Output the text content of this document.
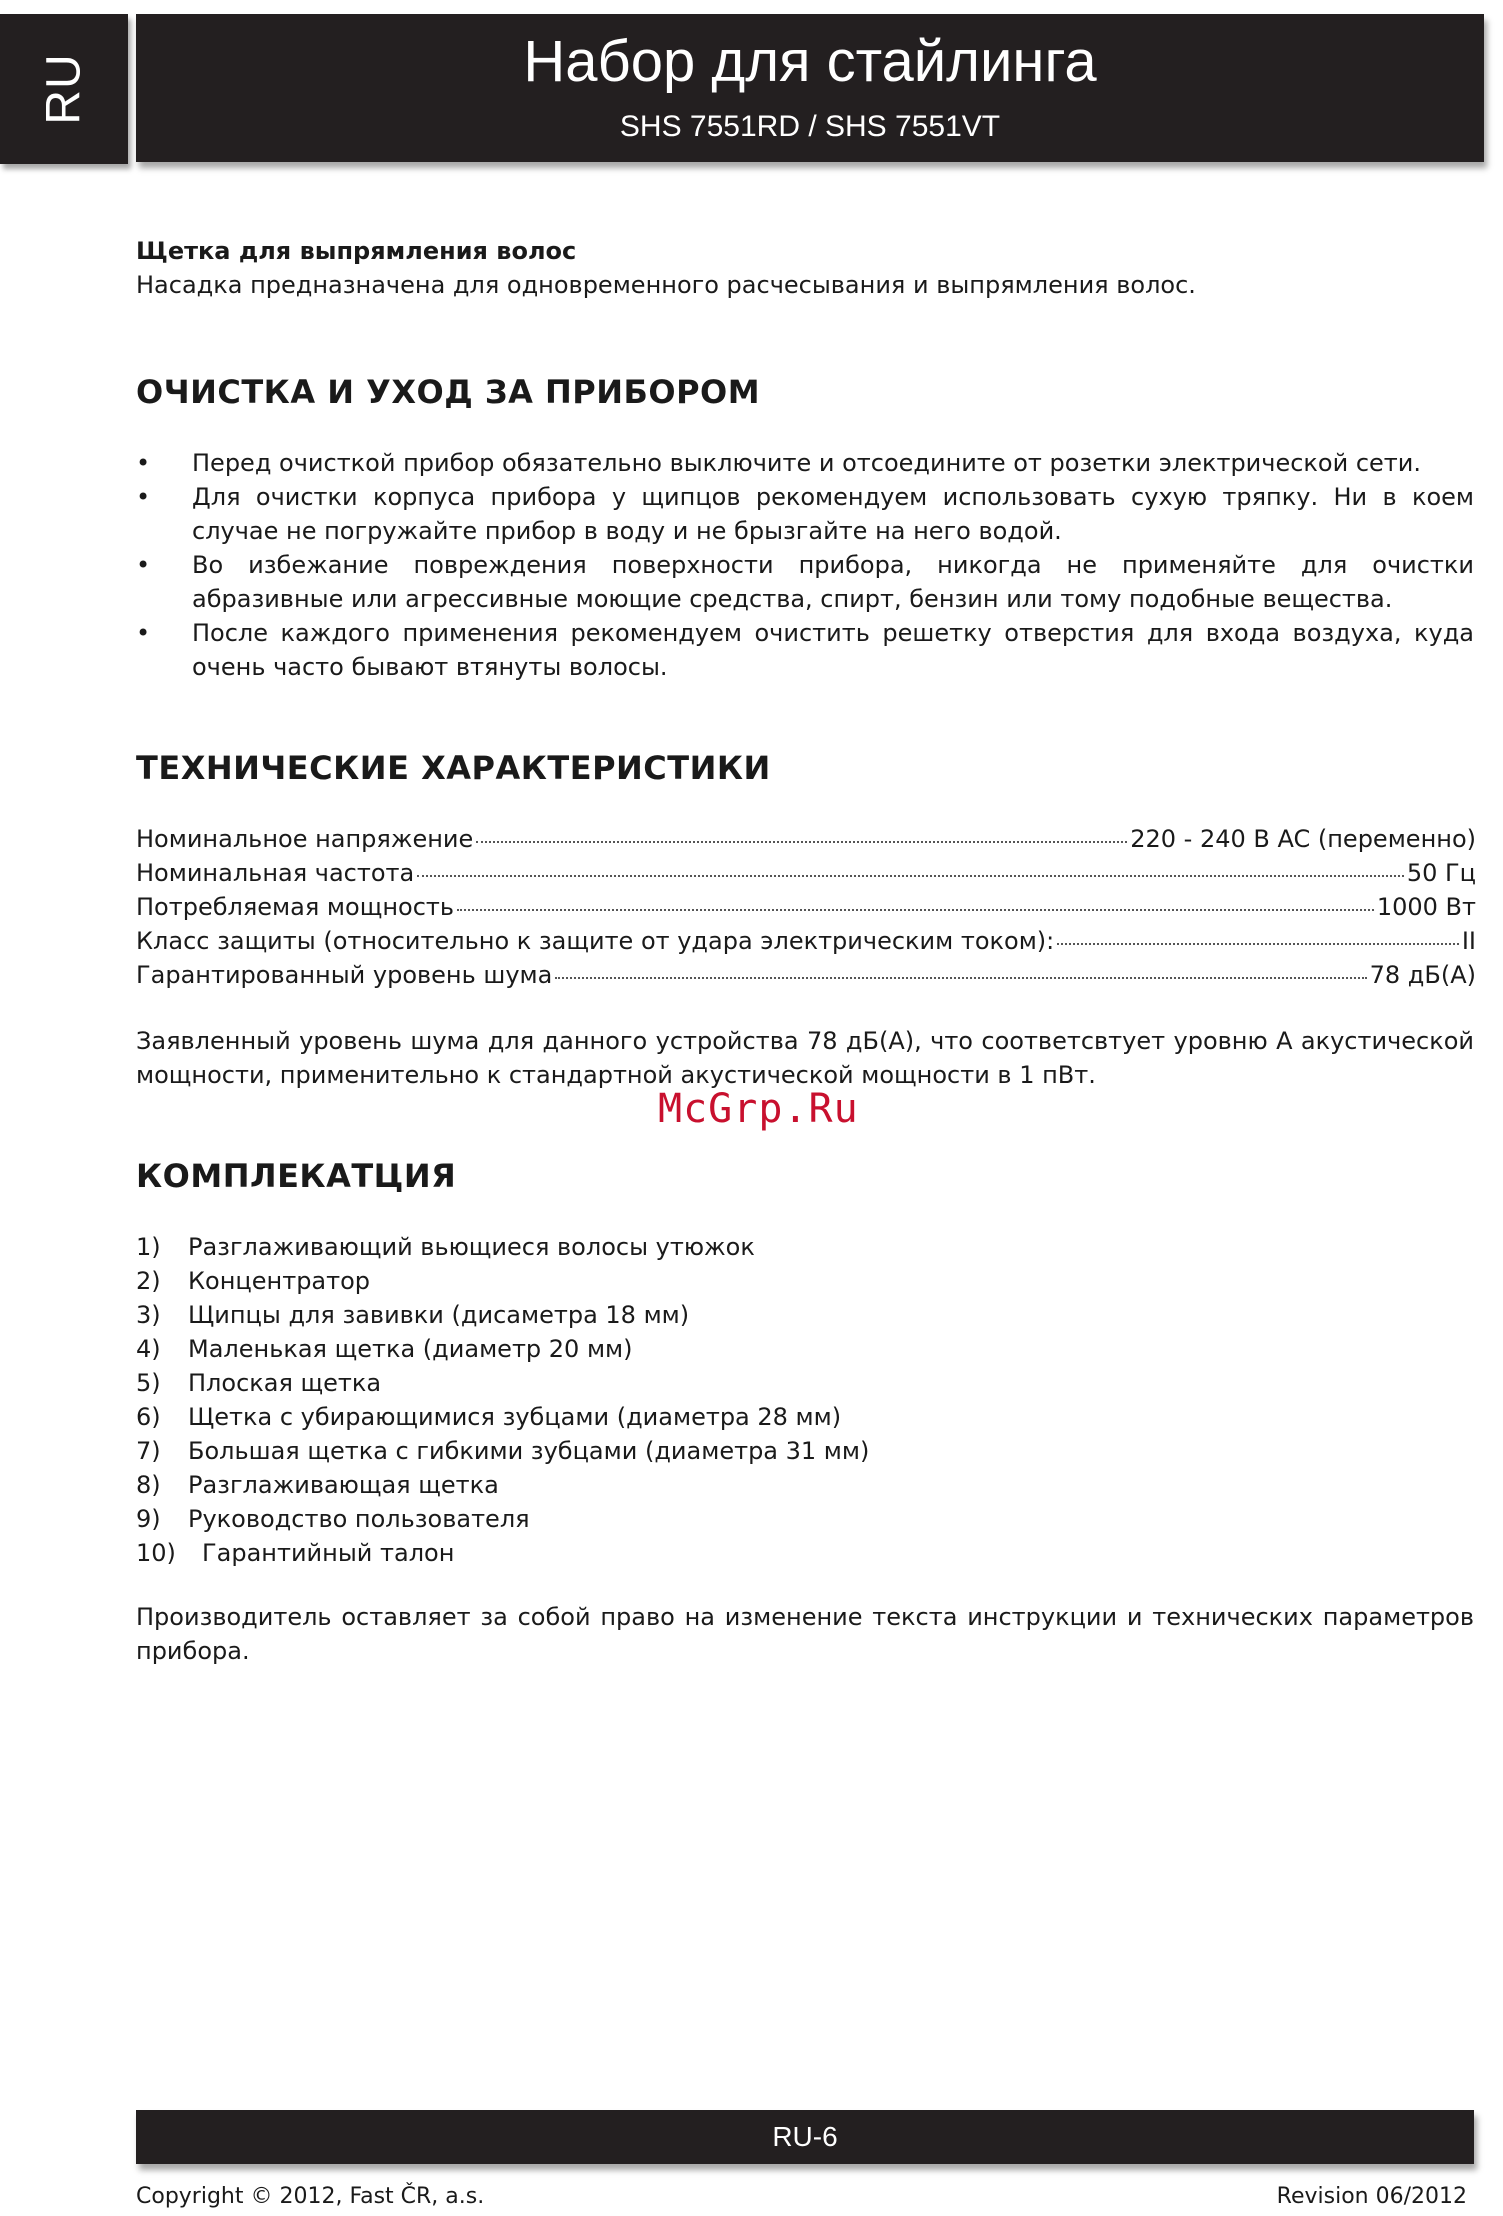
RU	Набор для стайлинга
SHS 7551RD / SHS 7551VT
Щетка для выпрямления волос
Насадка предназначена для одновременного расчесывания и выпрямления волос.
ОЧИСТКА И УХОД ЗА ПРИБОРОМ
• Перед очисткой прибор обязательно выключите и отсоедините от розетки электрической сети.
• Для очистки корпуса прибора у щипцов рекомендуем использовать сухую тряпку. Ни в коем случае не погружайте прибор в воду и не брызгайте на него водой.
• Во избежание повреждения поверхности прибора, никогда не применяйте для очистки абразивные или агрессивные моющие средства, спирт, бензин или тому подобные вещества.
• После каждого применения рекомендуем очистить решетку отверстия для входа воздуха, куда очень часто бывают втянуты волосы.
ТЕХНИЧЕСКИЕ ХАРАКТЕРИСТИКИ
Номинальное напряжение	220 - 240 В AC (переменно)
Номинальная частота	50 Гц
Потребляемая мощность	1000 Вт
Класс защиты (относительно к защите от удара электрическим током):	II
Гарантированный уровень шума	78 дБ(A)
Заявленный уровень шума для данного устройства 78 дБ(A), что соответсвтует уровню A акустической мощности, применительно к стандартной акустической мощности в 1 пВт.
McGrp.Ru
КОМПЛЕКАТЦИЯ
1)	Разглаживающий вьющиеся волосы утюжок
2)	Концентратор
3)	Щипцы для завивки (дисаметра 18 мм)
4)	Маленькая щетка (диаметр 20 мм)
5)	Плоская щетка
6)	Щетка с убирающимися зубцами (диаметра 28 мм)
7)	Большая щетка с гибкими зубцами (диаметра 31 мм)
8)	Разглаживающая щетка
9)	Руководство пользователя
10)	Гарантийный талон
Производитель оставляет за собой право на изменение текста инструкции и технических параметров прибора.
RU-6
Copyright © 2012, Fast ČR, a.s.	Revision 06/2012
